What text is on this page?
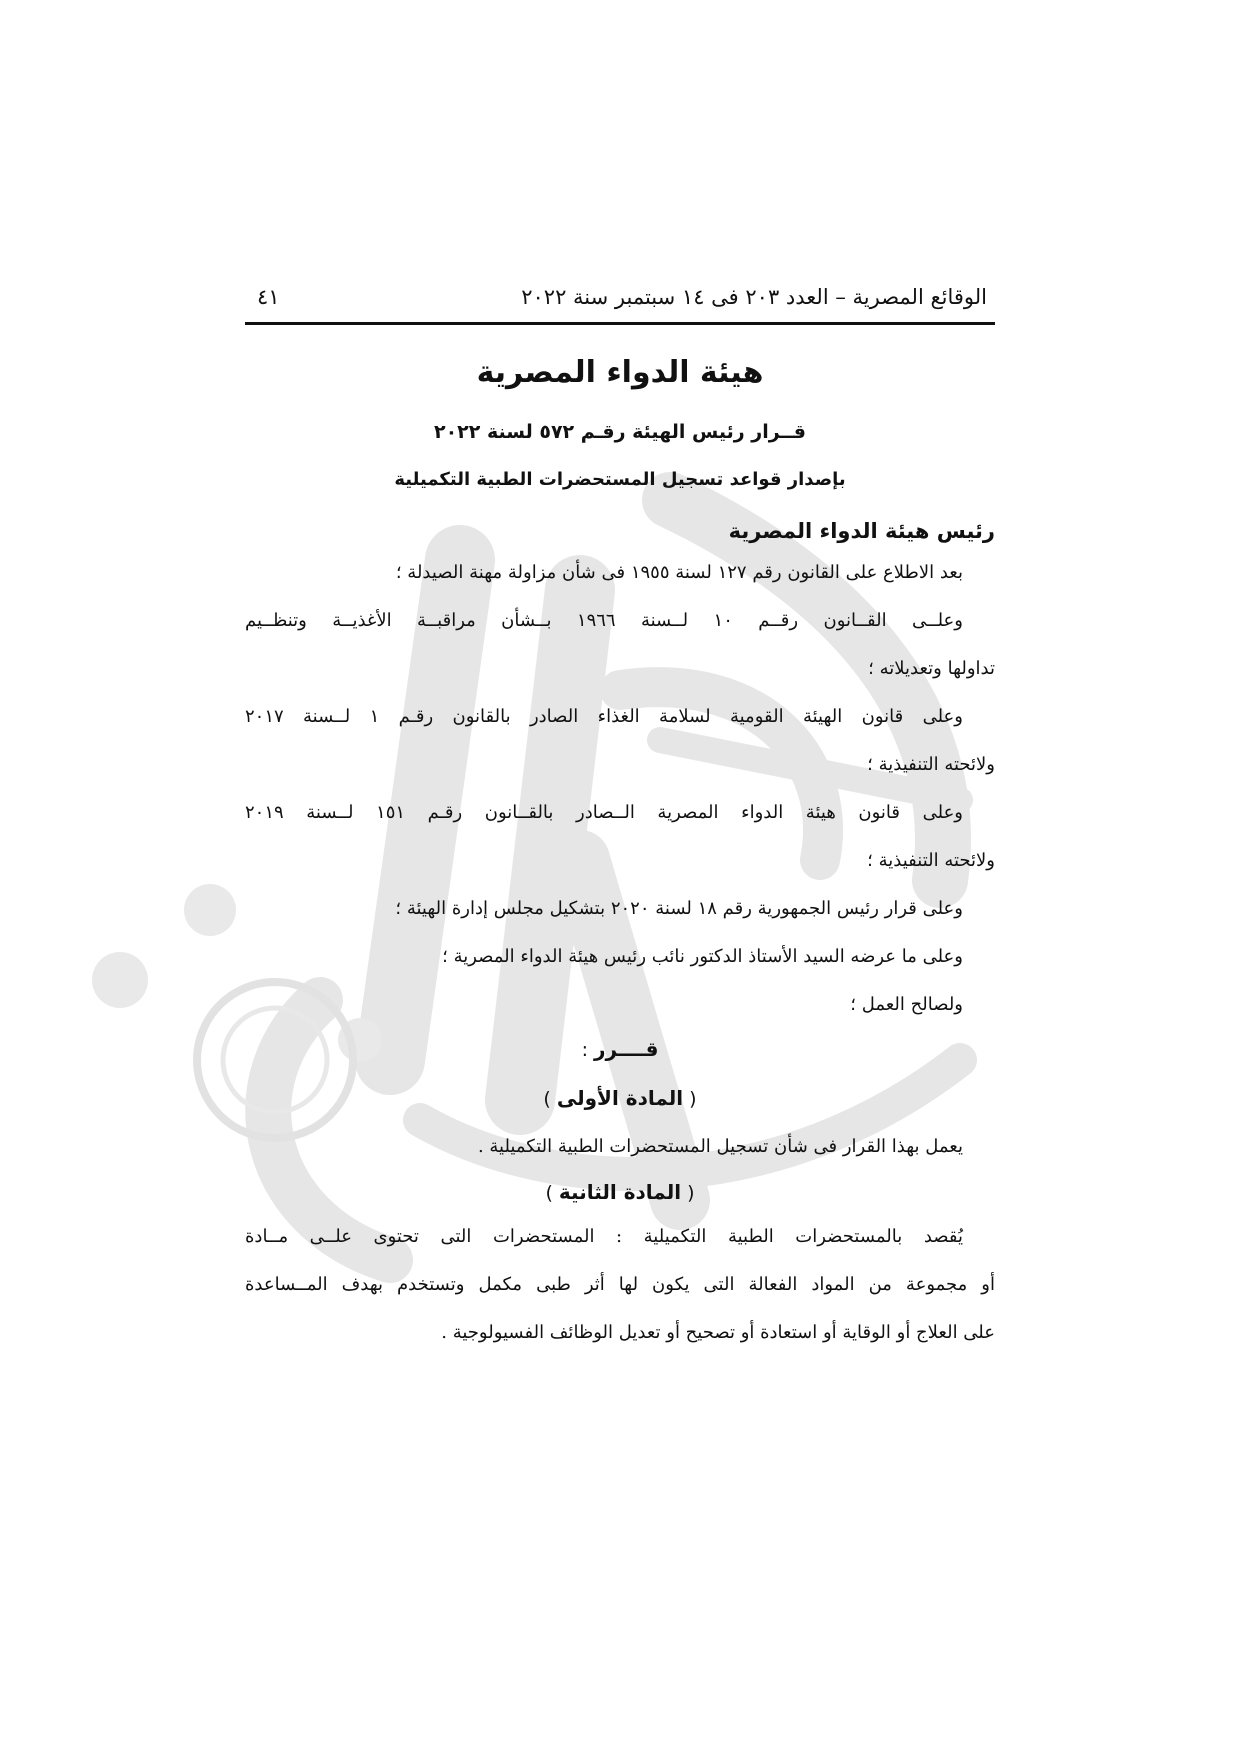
الوقائع المصرية – العدد ٢٠٣ فى ١٤ سبتمبر سنة ٢٠٢٢
٤١
هيئة الدواء المصرية
قــرار رئيس الهيئة رقـم ٥٧٢ لسنة ٢٠٢٢
بإصدار قواعد تسجيل المستحضرات الطبية التكميلية
رئيس هيئة الدواء المصرية
بعد الاطلاع على القانون رقم ١٢٧ لسنة ١٩٥٥ فى شأن مزاولة مهنة الصيدلة ؛
وعلــى القــانون رقــم ١٠ لــسنة ١٩٦٦ بــشأن مراقبــة الأغذيــة وتنظــيم
تداولها وتعديلاته ؛
وعلى قانون الهيئة القومية لسلامة الغذاء الصادر بالقانون رقـم ١ لــسنة ٢٠١٧
ولائحته التنفيذية ؛
وعلى قانون هيئة الدواء المصرية الــصادر بالقــانون رقـم ١٥١ لــسنة ٢٠١٩
ولائحته التنفيذية ؛
وعلى قرار رئيس الجمهورية رقم ١٨ لسنة ٢٠٢٠ بتشكيل مجلس إدارة الهيئة ؛
وعلى ما عرضه السيد الأستاذ الدكتور نائب رئيس هيئة الدواء المصرية ؛
ولصالح العمل ؛
قــــرر :
( المادة الأولى )
يعمل بهذا القرار فى شأن تسجيل المستحضرات الطبية التكميلية .
( المادة الثانية )
يُقصد بالمستحضرات الطبية التكميلية : المستحضرات التى تحتوى علــى مــادة
أو مجموعة من المواد الفعالة التى يكون لها أثر طبى مكمل وتستخدم بهدف المــساعدة
على العلاج أو الوقاية أو استعادة أو تصحيح أو تعديل الوظائف الفسيولوجية .
